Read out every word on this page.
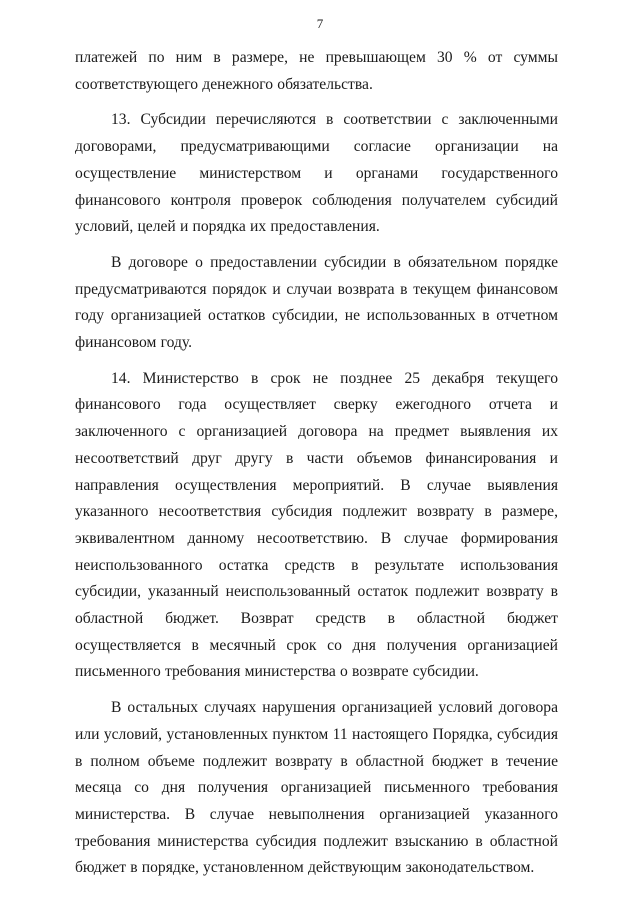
7

платежей по ним в размере, не превышающем 30 % от суммы соответствующего денежного обязательства.

13. Субсидии перечисляются в соответствии с заключенными договорами, предусматривающими согласие организации на осуществление министерством и органами государственного финансового контроля проверок соблюдения получателем субсидий условий, целей и порядка их предоставления.

В договоре о предоставлении субсидии в обязательном порядке предусматриваются порядок и случаи возврата в текущем финансовом году организацией остатков субсидии, не использованных в отчетном финансовом году.

14. Министерство в срок не позднее 25 декабря текущего финансового года осуществляет сверку ежегодного отчета и заключенного с организацией договора на предмет выявления их несоответствий друг другу в части объемов финансирования и направления осуществления мероприятий. В случае выявления указанного несоответствия субсидия подлежит возврату в размере, эквивалентном данному несоответствию. В случае формирования неиспользованного остатка средств в результате использования субсидии, указанный неиспользованный остаток подлежит возврату в областной бюджет. Возврат средств в областной бюджет осуществляется в месячный срок со дня получения организацией письменного требования министерства о возврате субсидии.

В остальных случаях нарушения организацией условий договора или условий, установленных пунктом 11 настоящего Порядка, субсидия в полном объеме подлежит возврату в областной бюджет в течение месяца со дня получения организацией письменного требования министерства. В случае невыполнения организацией указанного требования министерства субсидия подлежит взысканию в областной бюджет в порядке, установленном действующим законодательством.
